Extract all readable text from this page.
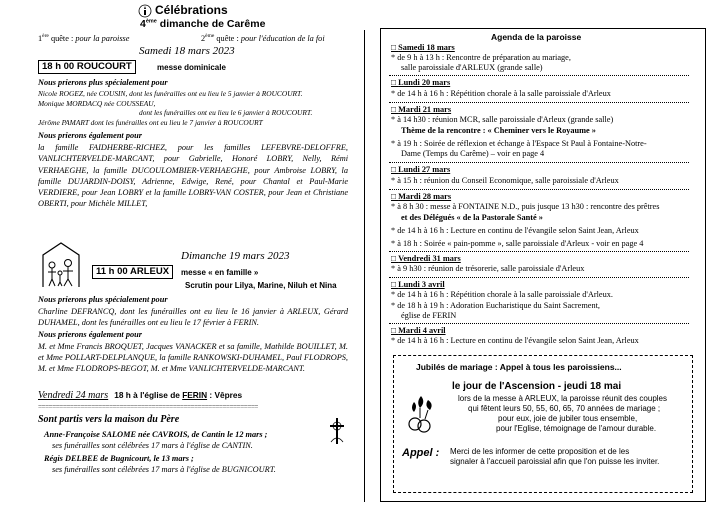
Célébrations
4ème dimanche de Carême
1ère quête : pour la paroisse	2ème quête : pour l'éducation de la foi
Samedi 18 mars 2023
18 h 00 ROUCOURT	messe dominicale
Nous prierons plus spécialement pour
Nicole ROGEZ, née COUSIN, dont les funérailles ont eu lieu le 5 janvier à ROUCOURT.
Monique MORDACQ née COUSSEAU,
dont les funérailles ont eu lieu le 6 janvier à ROUCOURT.
Jérôme PAMART dont les funérailles ont eu lieu le 7 janvier à ROUCOURT
Nous prierons également pour
la famille FAIDHERBE-RICHEZ, pour les familles LEFEBVRE-DELOFFRE, VANLICHTERVELDE-MARCANT, pour Gabrielle, Honoré LOBRY, Nelly, Rémi VERHAEGHE, la famille DUCOULOMBIER-VERHAEGHE, pour Ambroise LOBRY, la famille DUJARDIN-DOISY, Adrienne, Edwige, René, pour Chantal et Paul-Marie VERDIERE, pour Jean LOBRY et la famille LOBRY-VAN COSTER, pour Jean et Christiane OBERTI, pour Michèle MILLET,
Dimanche 19 mars 2023
11 h 00 ARLEUX	messe « en famille »
Scrutin pour Lilya, Marine, Niluh et Nina
Nous prierons plus spécialement pour
Charline DEFRANCQ, dont les funérailles ont eu lieu le 16 janvier à ARLEUX, Gérard DUHAMEL, dont les funérailles ont eu lieu le 17 février à FERIN.
Nous prierons également pour
M. et Mme Francis BROQUET, Jacques VANACKER et sa famille, Mathilde BOUILLET, M. et Mme POLLART-DELPLANQUE, la famille RANKOWSKI-DUHAMEL, Paul FLODROPS, M. et Mme FLODROPS-BEGOT, M. et Mme VANLICHTERVELDE-MARCANT.
Vendredi 24 mars 18 h à l'église de FERIN : Vêpres
==============================================================
Sont partis vers la maison du Père
Anne-Françoise SALOME née CAVROIS, de Cantin le 12 mars ;
ses funérailles sont célébrées 17 mars à l'église de CANTIN.
Régis DELBEE de Bugnicourt, le 13 mars ;
ses funérailles sont célébrées 17 mars à l'église de BUGNICOURT.
Agenda de la paroisse
□ Samedi 18 mars
* de 9 h à 13 h : Rencontre de préparation au mariage,
salle paroissiale d'ARLEUX (grande salle)
□ Lundi 20 mars
* de 14 h à 16 h : Répétition chorale à la salle paroissiale d'Arleux
□ Mardi 21 mars
* à 14 h30 : réunion MCR, salle paroissiale d'Arleux (grande salle)
Thème de la rencontre : « Cheminer vers le Royaume »
* à 19 h : Soirée de réflexion et échange à l'Espace St Paul à Fontaine-Notre-
Dame (Temps du Carême) – voir en page 4
□ Lundi 27 mars
* à 15 h : réunion du Conseil Economique, salle paroissiale d'Arleux
□ Mardi 28 mars
* à 8 h 30 : messe à FONTAINE N.D., puis jusque 13 h30 : rencontre des prêtres
et des Délégués « de la Pastorale Santé »
* de 14 h à 16 h : Lecture en continu de l'évangile selon Saint Jean, Arleux
* à 18 h : Soirée « pain-pomme », salle paroissiale d'Arleux - voir en page 4
□ Vendredi 31 mars
* à 9 h30 : réunion de trésorerie, salle paroissiale d'Arleux
□ Lundi 3 avril
* de 14 h à 16 h : Répétition chorale à la salle paroissiale d'Arleux.
* de 18 h à 19 h : Adoration Eucharistique du Saint Sacrement,
église de FERIN
□ Mardi 4 avril
* de 14 h à 16 h : Lecture en continu de l'évangile selon Saint Jean, Arleux
Jubilés de mariage : Appel à tous les paroissiens...
le jour de l'Ascension - jeudi 18 mai
lors de la messe à ARLEUX, la paroisse réunit des couples
qui fêtent leurs 50, 55, 60, 65, 70 années de mariage ;
pour eux, joie de jubiler tous ensemble,
pour l'Eglise, témoignage de l'amour durable.
Appel : Merci de les informer de cette proposition et de les
signaler à l'accueil paroissial afin que l'on puisse les inviter.
